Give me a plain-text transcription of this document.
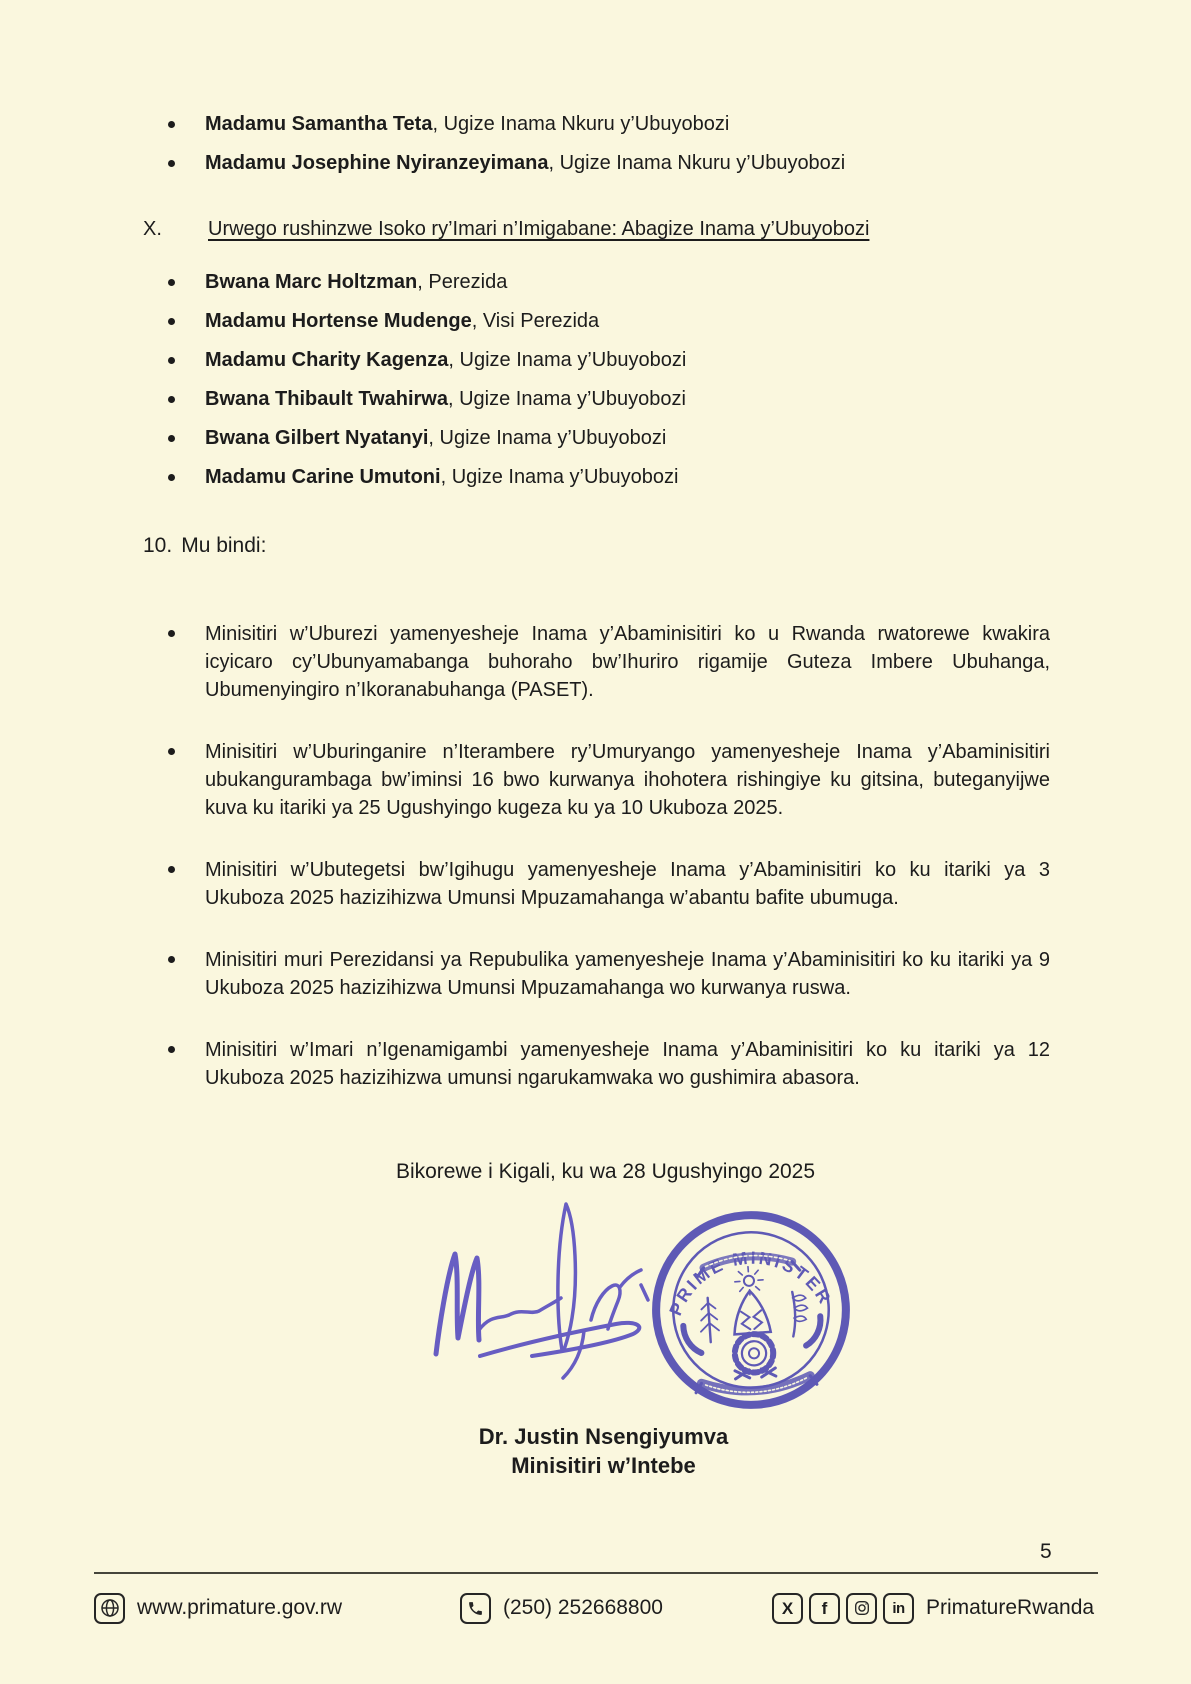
Madamu Samantha Teta, Ugize Inama Nkuru y’Ubuyobozi
Madamu Josephine Nyiranzeyimana, Ugize Inama Nkuru y’Ubuyobozi
X.	Urwego rushinzwe Isoko ry’Imari n’Imigabane: Abagize Inama y’Ubuyobozi
Bwana Marc Holtzman, Perezida
Madamu Hortense Mudenge, Visi Perezida
Madamu Charity Kagenza, Ugize Inama y’Ubuyobozi
Bwana Thibault Twahirwa, Ugize Inama y’Ubuyobozi
Bwana Gilbert Nyatanyi, Ugize Inama y’Ubuyobozi
Madamu Carine Umutoni, Ugize Inama y’Ubuyobozi
10. Mu bindi:

Minisitiri w’Uburezi yamenyesheje Inama y’Abaminisitiri ko u Rwanda rwatorewe kwakira icyicaro cy’Ubunyamabanga buhoraho bw’Ihuriro rigamije Guteza Imbere Ubuhanga, Ubumenyingiro n’Ikoranabuhanga (PASET).

Minisitiri w’Uburinganire n’Iterambere ry’Umuryango yamenyesheje Inama y’Abaminisitiri ubukangurambaga bw’iminsi 16 bwo kurwanya ihohotera rishingiye ku gitsina, buteganyijwe kuva ku itariki ya 25 Ugushyingo kugeza ku ya 10 Ukuboza 2025.

Minisitiri w’Ubutegetsi bw’Igihugu yamenyesheje Inama y’Abaminisitiri ko ku itariki ya 3 Ukuboza 2025 hazizihizwa Umunsi Mpuzamahanga w’abantu bafite ubumuga.

Minisitiri muri Perezidansi ya Repubulika yamenyesheje Inama y’Abaminisitiri ko ku itariki ya 9 Ukuboza 2025 hazizihizwa Umunsi Mpuzamahanga wo kurwanya ruswa.

Minisitiri w’Imari n’Igenamigambi yamenyesheje Inama y’Abaminisitiri ko ku itariki ya 12 Ukuboza 2025 hazizihizwa umunsi ngarukamwaka wo gushimira abasora.

Bikorewe i Kigali, ku wa 28 Ugushyingo 2025
PRIME MINISTER
Dr. Justin Nsengiyumva
Minisitiri w’Intebe
5
www.primature.gov.rw	(250) 252668800	X f	in PrimatureRwanda
